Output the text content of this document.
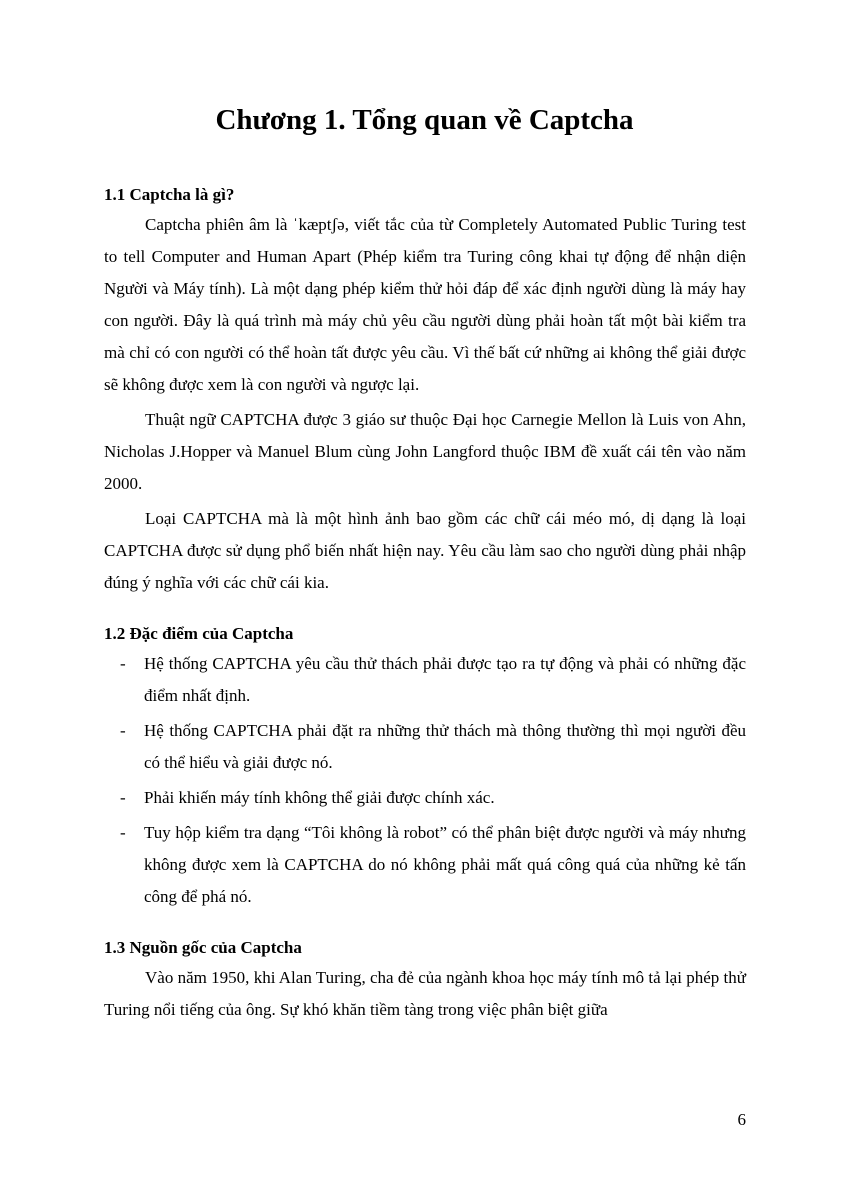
Chương 1. Tổng quan về Captcha

1.1 Captcha là gì?

Captcha phiên âm là ˈkæptʃə, viết tắc của từ Completely Automated Public Turing test to tell Computer and Human Apart (Phép kiểm tra Turing công khai tự động để nhận diện Người và Máy tính). Là một dạng phép kiểm thử hỏi đáp để xác định người dùng là máy hay con người. Đây là quá trình mà máy chủ yêu cầu người dùng phải hoàn tất một bài kiểm tra mà chỉ có con người có thể hoàn tất được yêu cầu. Vì thế bất cứ những ai không thể giải được sẽ không được xem là con người và ngược lại.

Thuật ngữ CAPTCHA được 3 giáo sư thuộc Đại học Carnegie Mellon là Luis von Ahn, Nicholas J.Hopper và Manuel Blum cùng John Langford thuộc IBM đề xuất cái tên vào năm 2000.

Loại CAPTCHA mà là một hình ảnh bao gồm các chữ cái méo mó, dị dạng là loại CAPTCHA được sử dụng phổ biến nhất hiện nay. Yêu cầu làm sao cho người dùng phải nhập đúng ý nghĩa với các chữ cái kia.

1.2 Đặc điểm của Captcha

- Hệ thống CAPTCHA yêu cầu thử thách phải được tạo ra tự động và phải có những đặc điểm nhất định.
- Hệ thống CAPTCHA phải đặt ra những thử thách mà thông thường thì mọi người đều có thể hiểu và giải được nó.
- Phải khiến máy tính không thể giải được chính xác.
- Tuy hộp kiểm tra dạng “Tôi không là robot” có thể phân biệt được người và máy nhưng không được xem là CAPTCHA do nó không phải mất quá công quá của những kẻ tấn công để phá nó.

1.3 Nguồn gốc của Captcha

Vào năm 1950, khi Alan Turing, cha đẻ của ngành khoa học máy tính mô tả lại phép thử Turing nổi tiếng của ông. Sự khó khăn tiềm tàng trong việc phân biệt giữa

6
